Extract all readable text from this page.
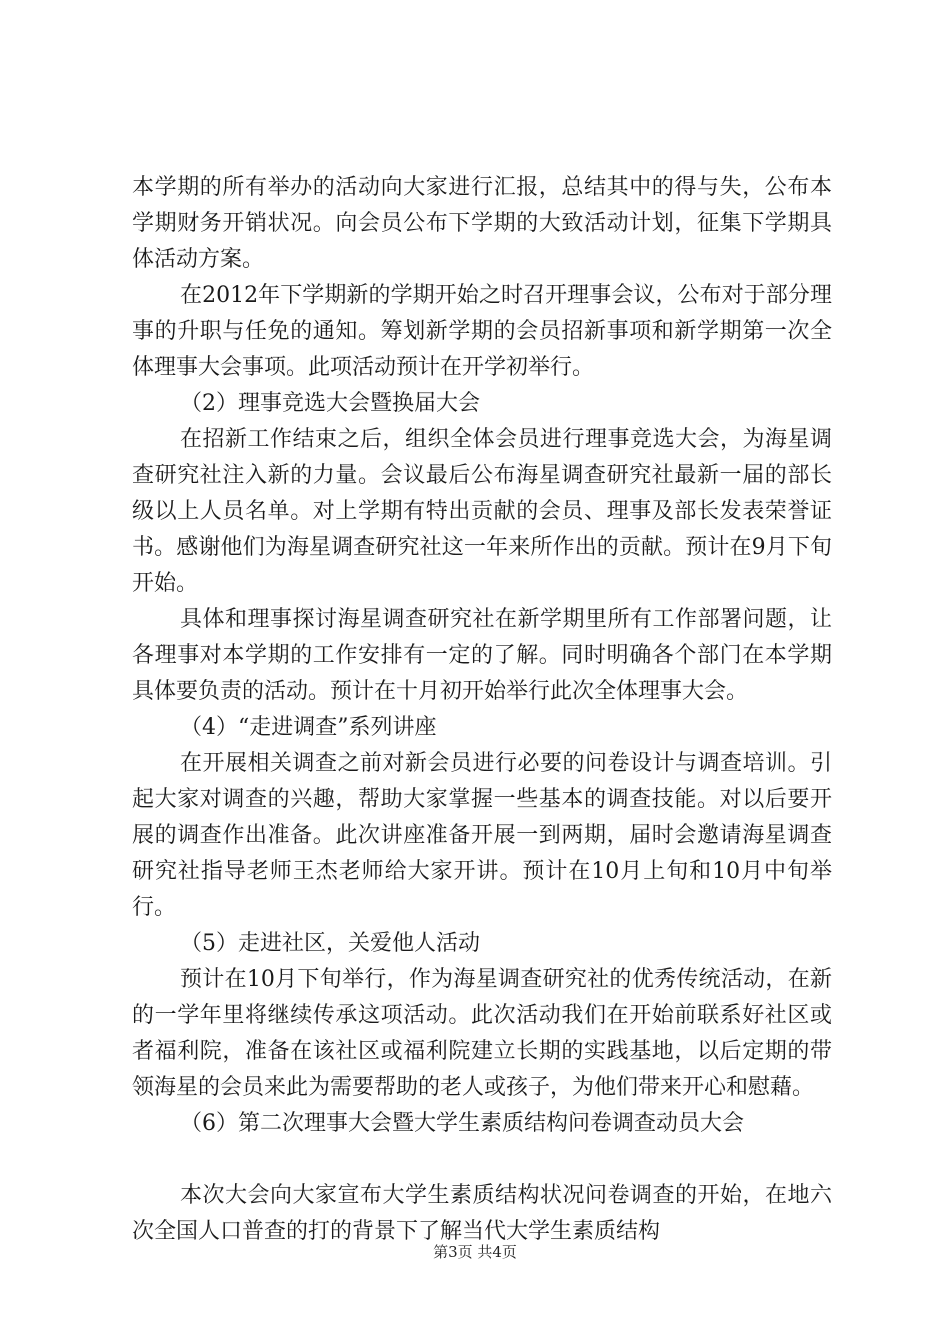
本学期的所有举办的活动向大家进行汇报，总结其中的得与失，公布本学期财务开销状况。向会员公布下学期的大致活动计划，征集下学期具体活动方案。

在2012年下学期新的学期开始之时召开理事会议，公布对于部分理事的升职与任免的通知。筹划新学期的会员招新事项和新学期第一次全体理事大会事项。此项活动预计在开学初举行。

（2）理事竞选大会暨换届大会

在招新工作结束之后，组织全体会员进行理事竞选大会，为海星调查研究社注入新的力量。会议最后公布海星调查研究社最新一届的部长级以上人员名单。对上学期有特出贡献的会员、理事及部长发表荣誉证书。感谢他们为海星调查研究社这一年来所作出的贡献。预计在9月下旬开始。

具体和理事探讨海星调查研究社在新学期里所有工作部署问题，让各理事对本学期的工作安排有一定的了解。同时明确各个部门在本学期具体要负责的活动。预计在十月初开始举行此次全体理事大会。

（4）“走进调查”系列讲座

在开展相关调查之前对新会员进行必要的问卷设计与调查培训。引起大家对调查的兴趣，帮助大家掌握一些基本的调查技能。对以后要开展的调查作出准备。此次讲座准备开展一到两期，届时会邀请海星调查研究社指导老师王杰老师给大家开讲。预计在10月上旬和10月中旬举行。

（5）走进社区，关爱他人活动

预计在10月下旬举行，作为海星调查研究社的优秀传统活动，在新的一学年里将继续传承这项活动。此次活动我们在开始前联系好社区或者福利院，准备在该社区或福利院建立长期的实践基地，以后定期的带领海星的会员来此为需要帮助的老人或孩子，为他们带来开心和慰藉。

（6）第二次理事大会暨大学生素质结构问卷调查动员大会

本次大会向大家宣布大学生素质结构状况问卷调查的开始，在地六次全国人口普查的打的背景下了解当代大学生素质结构

第3页 共4页
